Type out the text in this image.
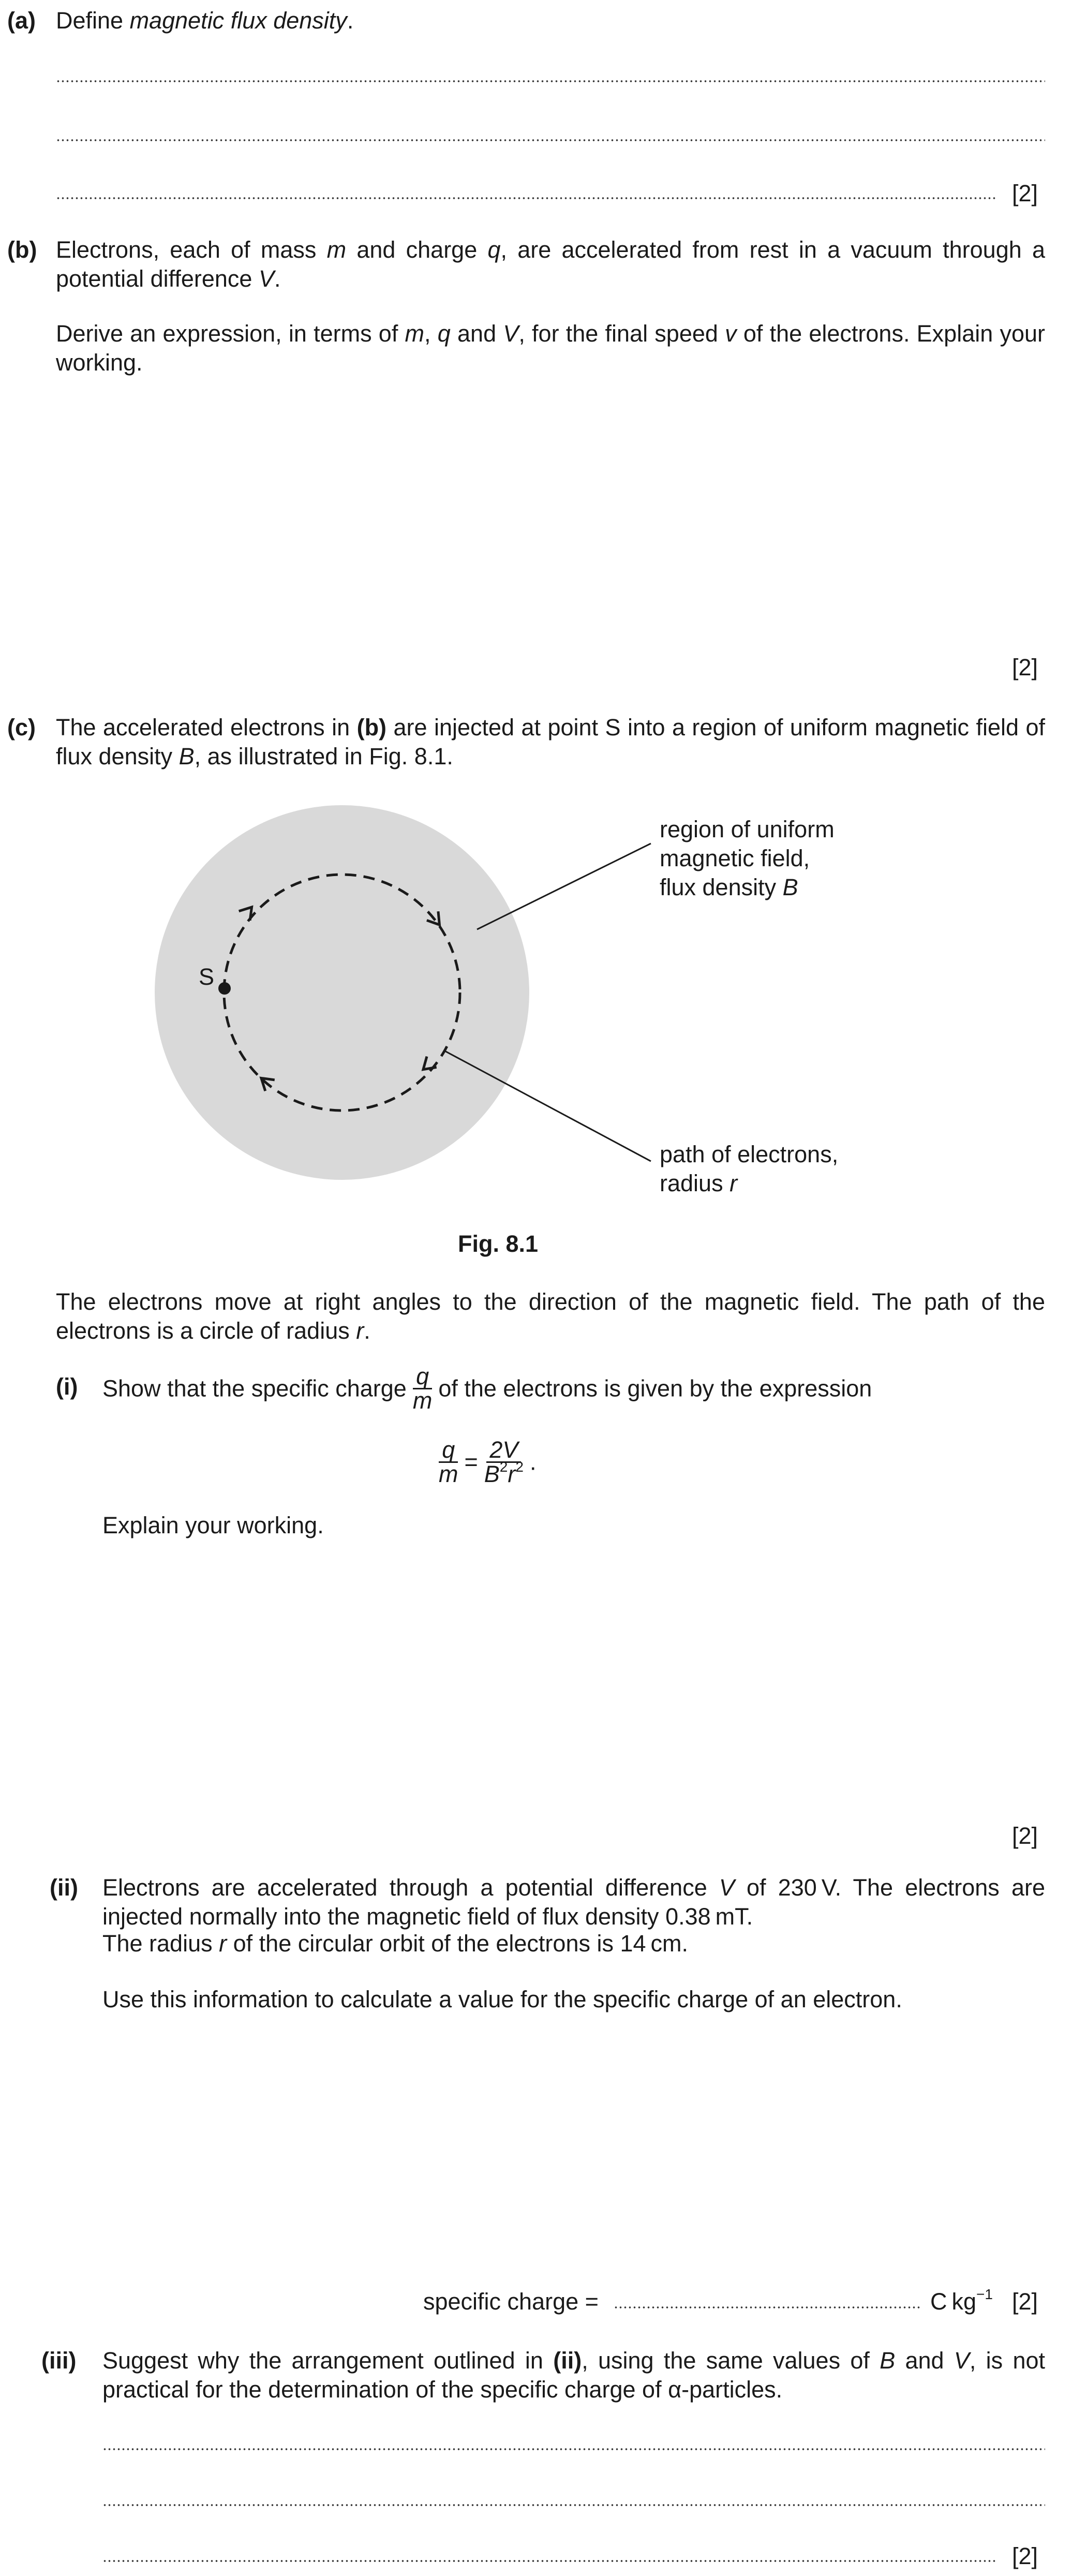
(a) Define magnetic flux density.
[2]
(b) Electrons, each of mass m and charge q, are accelerated from rest in a vacuum through a potential difference V.
Derive an expression, in terms of m, q and V, for the final speed v of the electrons. Explain your working.
[2]
(c) The accelerated electrons in (b) are injected at point S into a region of uniform magnetic field of flux density B, as illustrated in Fig. 8.1.
S
region of uniform
magnetic field,
flux density B
path of electrons,
radius r
Fig. 8.1
The electrons move at right angles to the direction of the magnetic field. The path of the electrons is a circle of radius r.
(i) Show that the specific charge $\frac{q}{m}$ of the electrons is given by the expression
$\frac{q}{m} = \frac{2V}{B^2r^2}$ .
Explain your working.
[2]
(ii) Electrons are accelerated through a potential difference V of 230 V. The electrons are injected normally into the magnetic field of flux density 0.38 mT.
The radius r of the circular orbit of the electrons is 14 cm.
Use this information to calculate a value for the specific charge of an electron.
specific charge =	C $kg^{-1}$ [2]
(iii) Suggest why the arrangement outlined in (ii), using the same values of B and V, is not practical for the determination of the specific charge of α-particles.
[2]
